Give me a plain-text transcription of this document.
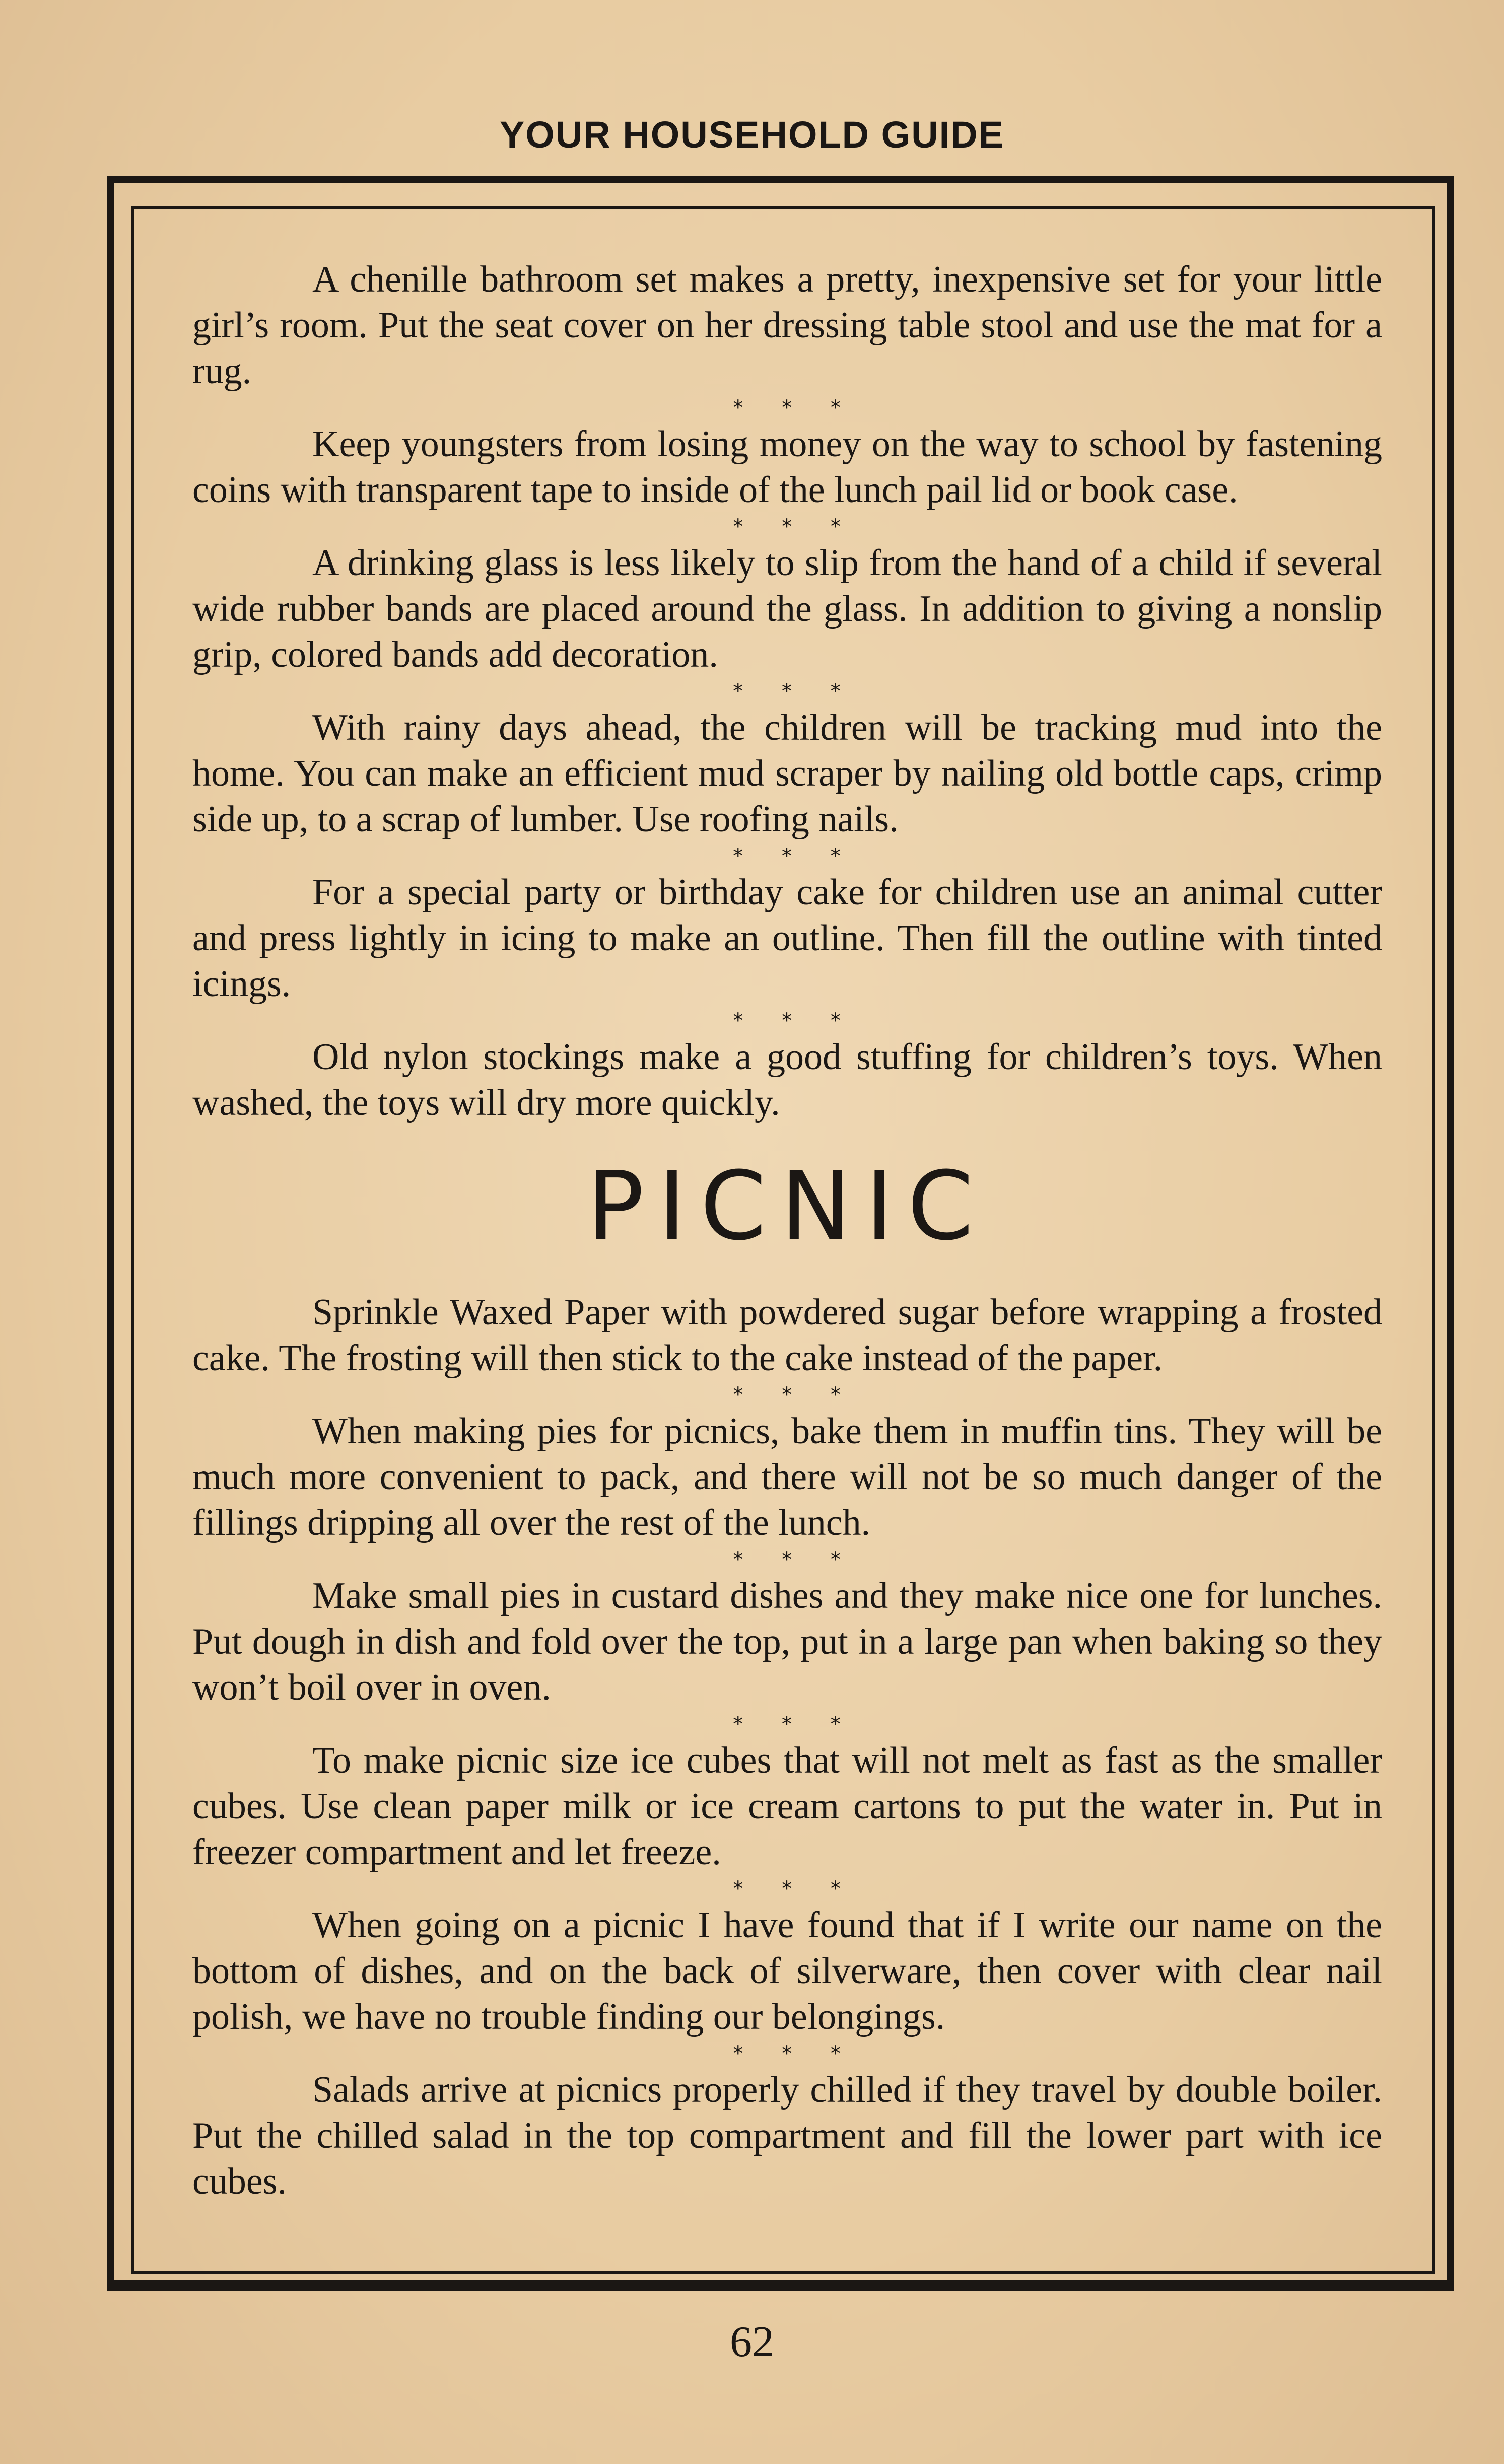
YOUR HOUSEHOLD GUIDE

A chenille bathroom set makes a pretty, inexpensive set for your little girl’s room. Put the seat cover on her dressing table stool and use the mat for a rug.

* * *

Keep youngsters from losing money on the way to school by fastening coins with transparent tape to inside of the lunch pail lid or book case.

* * *

A drinking glass is less likely to slip from the hand of a child if several wide rubber bands are placed around the glass. In addition to giving a nonslip grip, colored bands add decoration.

* * *

With rainy days ahead, the children will be tracking mud into the home. You can make an efficient mud scraper by nailing old bottle caps, crimp side up, to a scrap of lumber. Use roofing nails.

* * *

For a special party or birthday cake for children use an animal cutter and press lightly in icing to make an outline. Then fill the outline with tinted icings.

* * *

Old nylon stockings make a good stuffing for children’s toys. When washed, the toys will dry more quickly.

PICNIC

Sprinkle Waxed Paper with powdered sugar before wrapping a frosted cake. The frosting will then stick to the cake instead of the paper.

* * *

When making pies for picnics, bake them in muffin tins. They will be much more convenient to pack, and there will not be so much danger of the fillings dripping all over the rest of the lunch.

* * *

Make small pies in custard dishes and they make nice one for lunches. Put dough in dish and fold over the top, put in a large pan when baking so they won’t boil over in oven.

* * *

To make picnic size ice cubes that will not melt as fast as the smaller cubes. Use clean paper milk or ice cream cartons to put the water in. Put in freezer compartment and let freeze.

* * *

When going on a picnic I have found that if I write our name on the bottom of dishes, and on the back of silverware, then cover with clear nail polish, we have no trouble finding our belongings.

* * *

Salads arrive at picnics properly chilled if they travel by double boiler. Put the chilled salad in the top compartment and fill the lower part with ice cubes.

62
